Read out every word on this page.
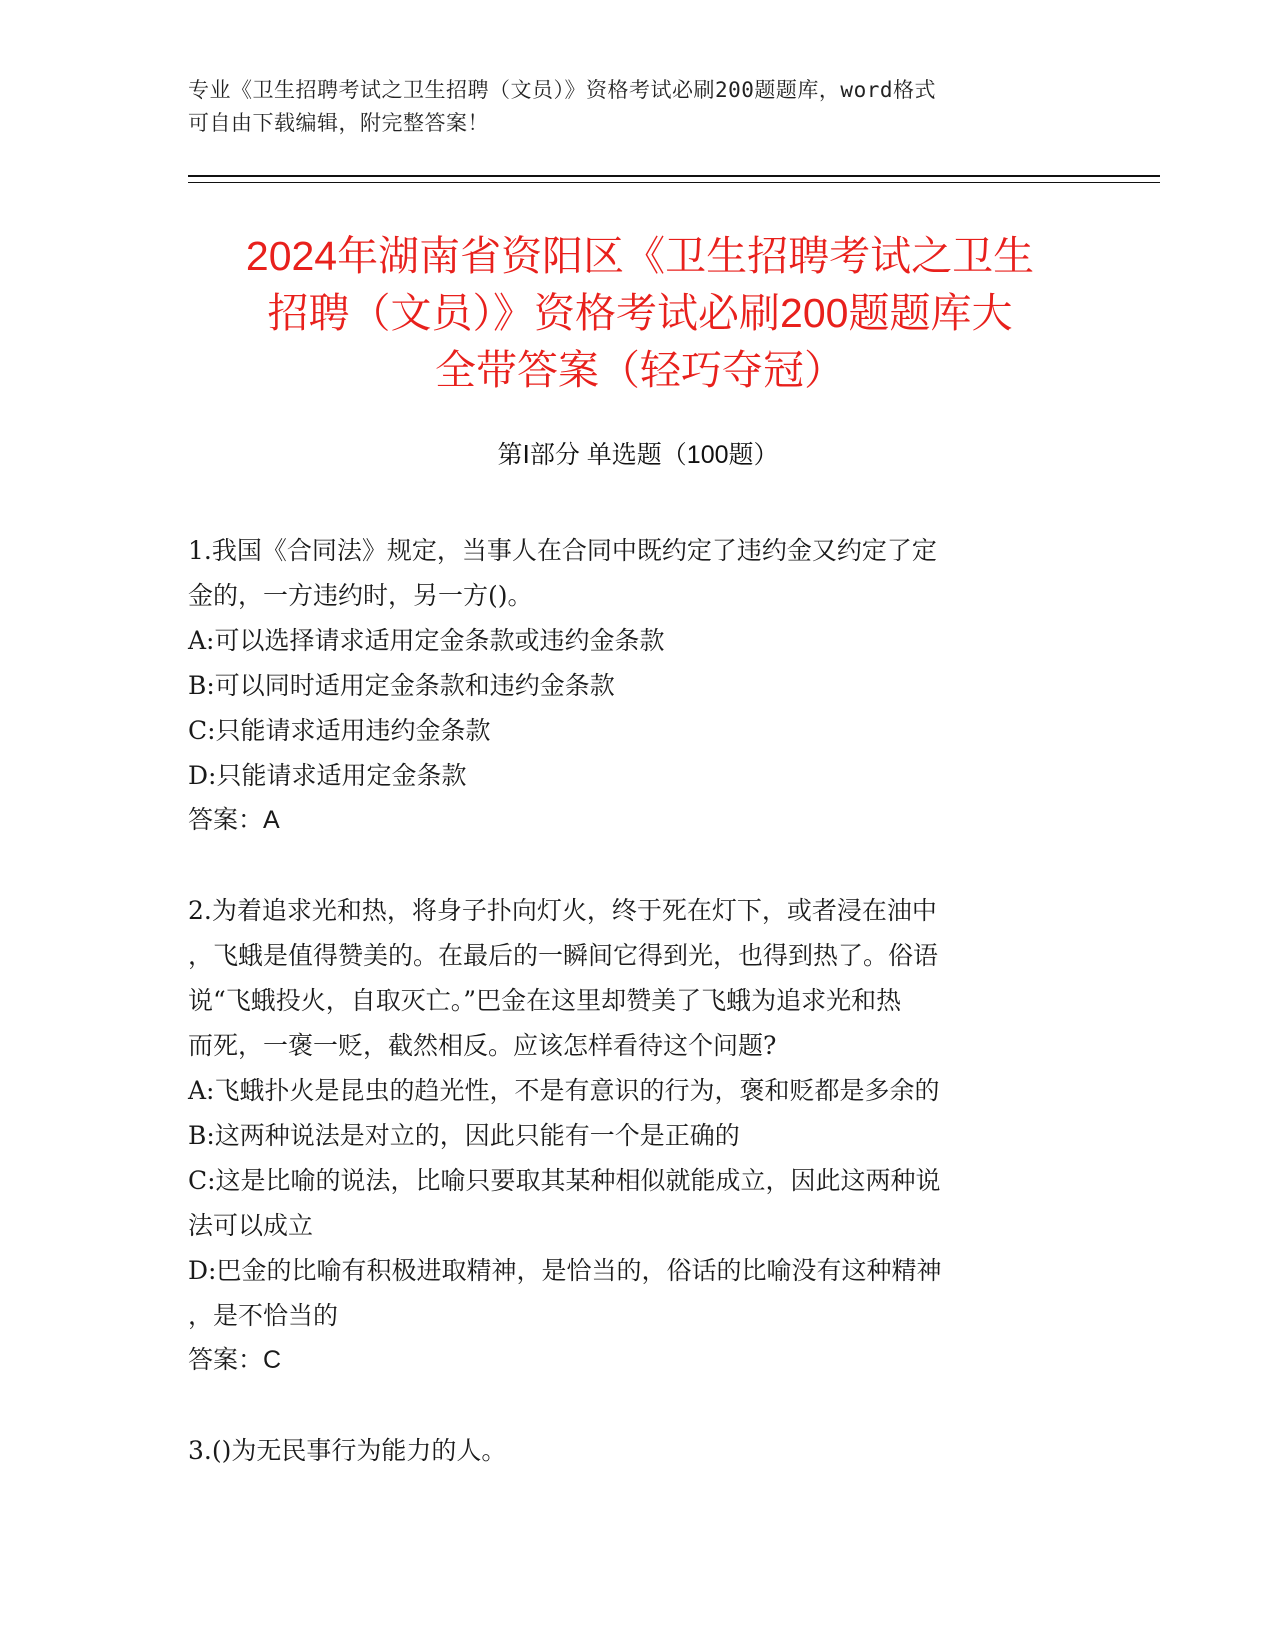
专业《卫生招聘考试之卫生招聘（文员）》资格考试必刷200题题库，word格式
可自由下载编辑，附完整答案！
2024年湖南省资阳区《卫生招聘考试之卫生
招聘（文员）》资格考试必刷200题题库大
全带答案（轻巧夺冠）
第Ⅰ部分 单选题（100题）
1.我国《合同法》规定，当事人在合同中既约定了违约金又约定了定
金的，一方违约时，另一方()。
A:可以选择请求适用定金条款或违约金条款
B:可以同时适用定金条款和违约金条款
C:只能请求适用违约金条款
D:只能请求适用定金条款
答案：A
2.为着追求光和热，将身子扑向灯火，终于死在灯下，或者浸在油中
，飞蛾是值得赞美的。在最后的一瞬间它得到光，也得到热了。俗语
说“飞蛾投火，自取灭亡。”巴金在这里却赞美了飞蛾为追求光和热
而死，一褒一贬，截然相反。应该怎样看待这个问题?
A:飞蛾扑火是昆虫的趋光性，不是有意识的行为，褒和贬都是多余的
B:这两种说法是对立的，因此只能有一个是正确的
C:这是比喻的说法，比喻只要取其某种相似就能成立，因此这两种说
法可以成立
D:巴金的比喻有积极进取精神，是恰当的，俗话的比喻没有这种精神
，是不恰当的
答案：C
3.()为无民事行为能力的人。
